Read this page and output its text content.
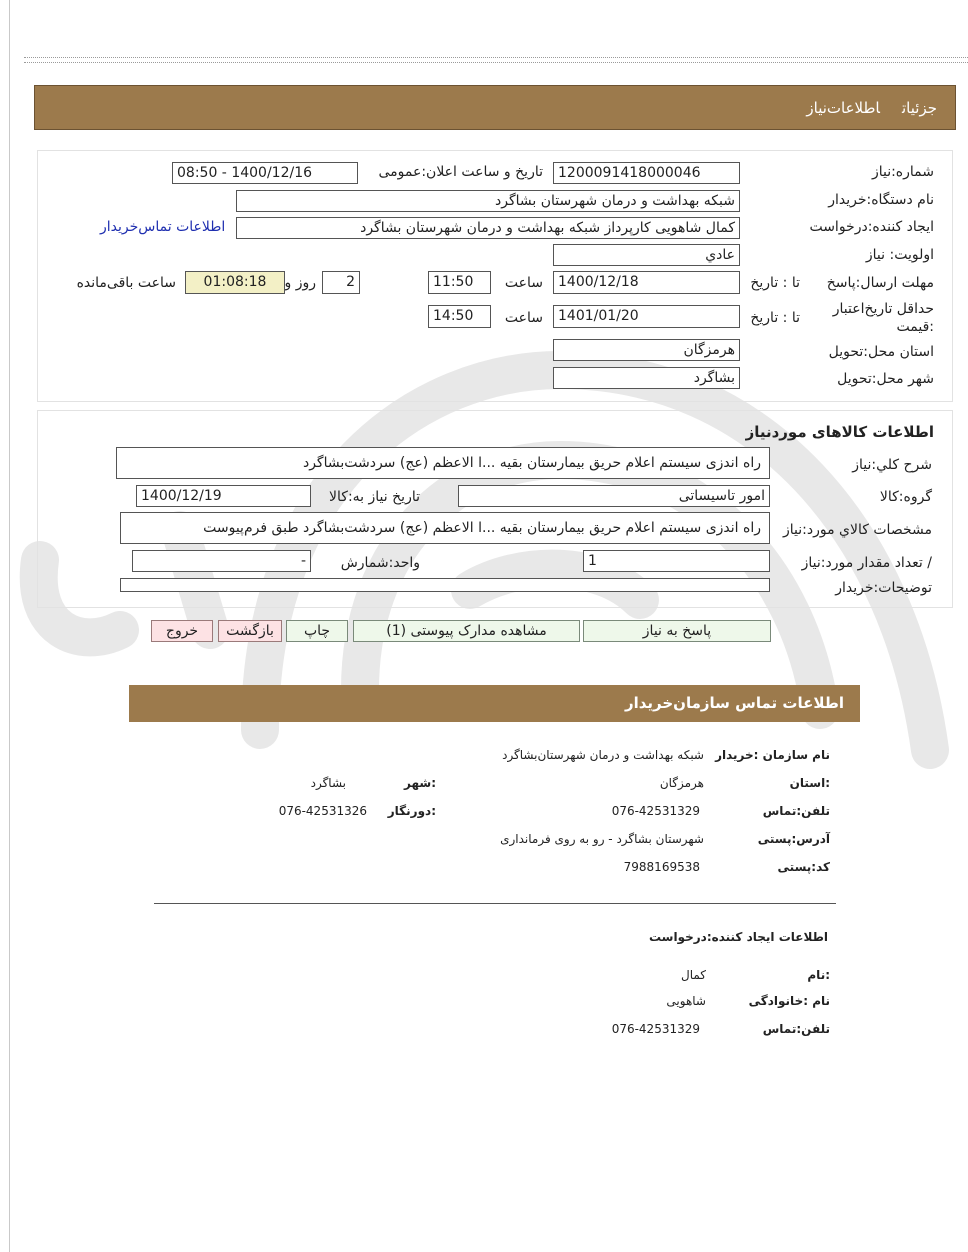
جزئیاتاطلاعات‌نیاز
شماره:نیاز
1200091418000046
تاریخ و ساعت اعلان:عمومی
1400/12/16 - 08:50
نام دستگاه:خریدار
شبکه بهداشت و درمان شهرستان بشاگرد
ایجاد کننده:درخواست
کمال شاهویی کارپرداز شبکه بهداشت و درمان شهرستان بشاگرد
اطلاعات تماس‌خریدار
اولویت: نیاز
عادي
مهلت ارسال:پاسخ
تا : تاریخ
1400/12/18
ساعت
11:50
2
روز و
01:08:18
ساعت باقی‌مانده
حداقل تاریخ‌اعتبار
:قیمت
تا : تاریخ
1401/01/20
ساعت
14:50
استان محل:تحویل
هرمزگان
شهر محل:تحویل
بشاگرد
اطلاعات کالاهای موردنیاز
شرح کلي:نیاز
راه اندزی سیستم اعلام حریق بیمارستان بقیه ...ا الاعظم (عج) سردشت‌بشاگرد
گروه:کالا
امور تاسیساتی
تاریخ نیاز به:کالا
1400/12/19
مشخصات کالاي مورد:نیاز
راه اندزی سیستم اعلام حریق بیمارستان بقیه ...ا الاعظم (عج) سردشت‌بشاگرد طبق فرم‌پیوست
/ تعداد مقدار مورد:نیاز
1
واحد:شمارش
-
توضیحات:خریدار
پاسخ به نیاز
مشاهده مدارک پیوستی (1)
چاپ
بازگشت
خروج
اطلاعات تماس سازمان‌خریدار
نام سازمان :خریدار
شبکه بهداشت و درمان شهرستان‌بشاگرد
:استان
هرمزگان
:شهر
بشاگرد
تلفن:تماس
076-42531329
:دورنگار
076-42531326
آدرس:پستی
شهرستان بشاگرد - رو به روی فرمانداری
کد:پستی
7988169538
اطلاعات ایجاد کننده:درخواست
:نام
کمال
نام :خانوادگی
شاهویی
تلفن:تماس
076-42531329
